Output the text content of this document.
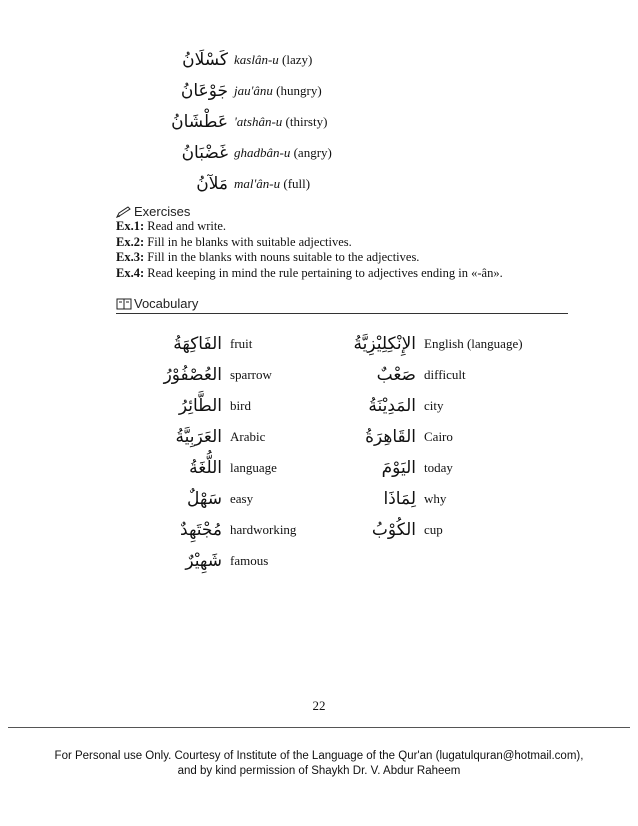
كَسْلَانُ kaslân-u (lazy)
جَوْعَانُ jau'ânu (hungry)
عَطْشَانُ 'atshân-u (thirsty)
غَضْبَانُ ghadbân-u (angry)
مَلآنُ mal'ân-u (full)
Exercises
Ex.1: Read and write.
Ex.2: Fill in he blanks with suitable adjectives.
Ex.3: Fill in the blanks with nouns suitable to the adjectives.
Ex.4: Read keeping in mind the rule pertaining to adjectives ending in «-ân».
Vocabulary
الفَاكِهَةُ fruit
العُصْفُوْرُ sparrow
الطَّائِرُ bird
العَرَبِيَّةُ Arabic
اللُّغَةُ language
سَهْلٌ easy
مُجْتَهِدٌ hardworking
شَهِيْرٌ famous
الإِنْكِلِيْزِيَّةُ English (language)
صَعْبٌ difficult
المَدِيْنَةُ city
القَاهِرَةُ Cairo
اليَوْمَ today
لِمَاذَا why
الكُوْبُ cup
22
For Personal use Only. Courtesy of Institute of the Language of the Qur'an (lugatulquran@hotmail.com),
and by kind permission of Shaykh Dr. V. Abdur Raheem
